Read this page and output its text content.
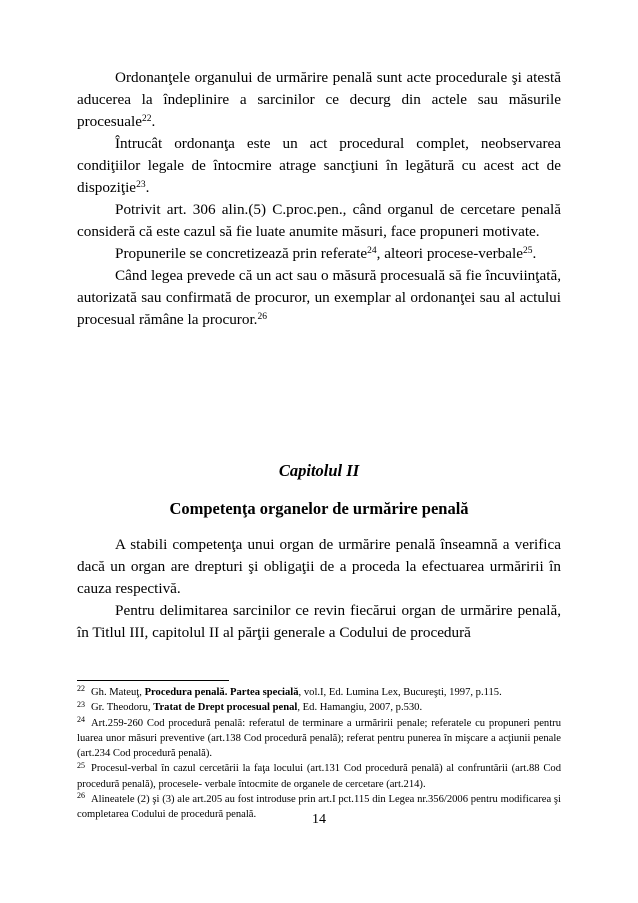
Ordonanţele organului de urmărire penală sunt acte procedurale şi atestă aducerea la îndeplinire a sarcinilor ce decurg din actele sau măsurile procesuale$^{22}$.

Întrucât ordonanţa este un act procedural complet, neobservarea condiţiilor legale de întocmire atrage sancţiuni în legătură cu acest act de dispoziţie$^{23}$.

Potrivit art. 306 alin.(5) C.proc.pen., când organul de cercetare penală consideră că este cazul să fie luate anumite măsuri, face propuneri motivate.

Propunerile se concretizează prin referate$^{24}$, alteori procese-verbale$^{25}$.

Când legea prevede că un act sau o măsură procesuală să fie încuviinţată, autorizată sau confirmată de procuror, un exemplar al ordonanţei sau al actului procesual rămâne la procuror.$^{26}$

Capitolul II
Competenţa organelor de urmărire penală

A stabili competenţa unui organ de urmărire penală înseamnă a verifica dacă un organ are drepturi şi obligaţii de a proceda la efectuarea urmăririi în cauza respectivă.

Pentru delimitarea sarcinilor ce revin fiecărui organ de urmărire penală, în Titlul III, capitolul II al părţii generale a Codului de procedură

$^{22}$ Gh. Mateuţ, Procedura penală. Partea specială, vol.I, Ed. Lumina Lex, Bucureşti, 1997, p.115.

$^{23}$ Gr. Theodoru, Tratat de Drept procesual penal, Ed. Hamangiu, 2007, p.530.

$^{24}$ Art.259-260 Cod procedură penală: referatul de terminare a urmăririi penale; referatele cu propuneri pentru luarea unor măsuri preventive (art.138 Cod procedură penală); referat pentru punerea în mişcare a acţiunii penale (art.234 Cod procedură penală).

$^{25}$ Procesul-verbal în cazul cercetării la faţa locului (art.131 Cod procedură penală) al confruntării (art.88 Cod procedură penală), procesele- verbale întocmite de organele de cercetare (art.214).

$^{26}$ Alineatele (2) şi (3) ale art.205 au fost introduse prin art.I pct.115 din Legea nr.356/2006 pentru modificarea şi completarea Codului de procedură penală.	14
